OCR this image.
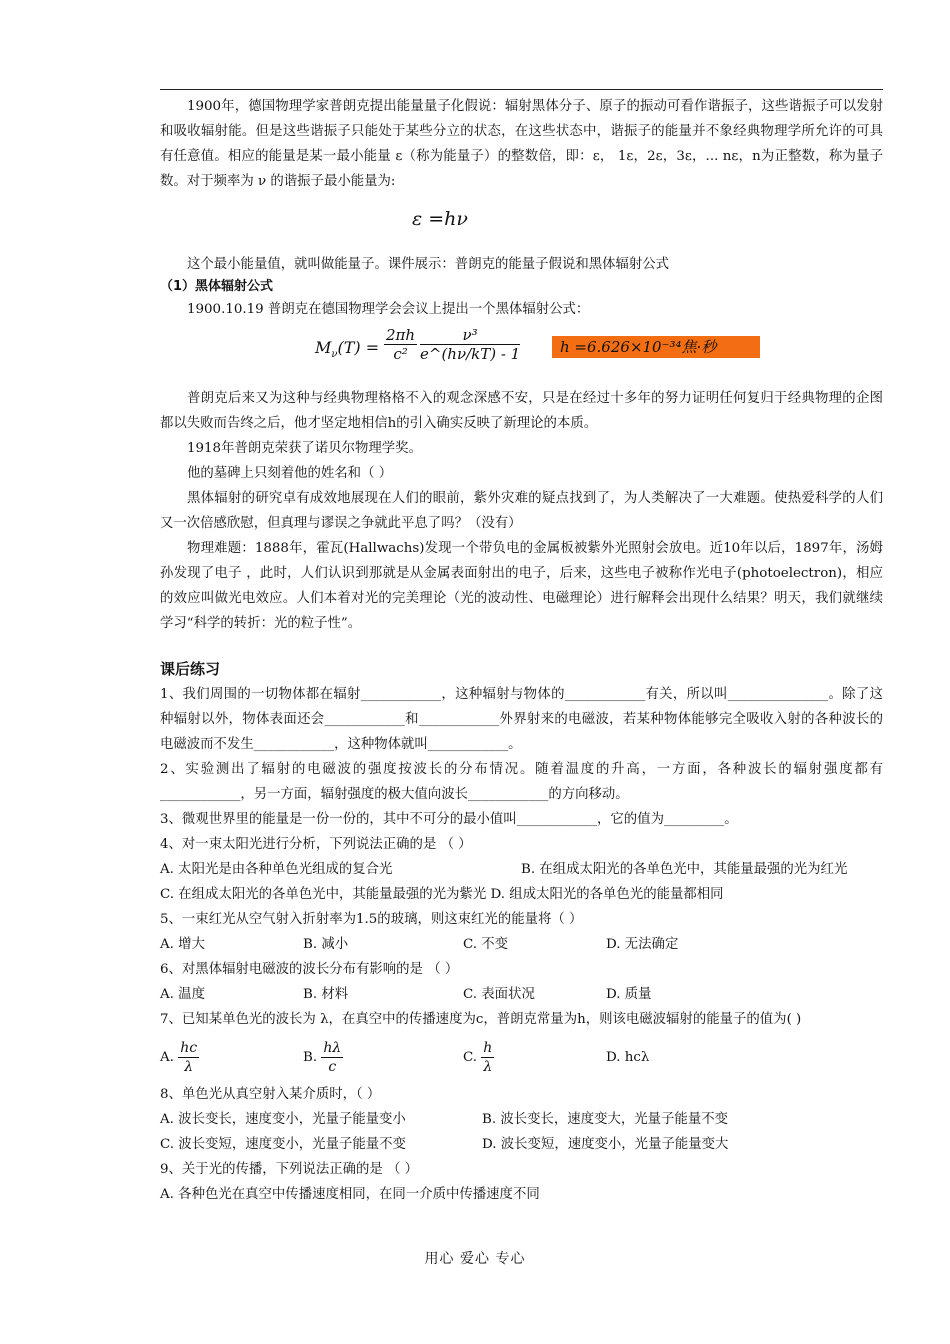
1900年，德国物理学家普朗克提出能量量子化假说：辐射黑体分子、原子的振动可看作谐振子，这些谐振子可以发射和吸收辐射能。但是这些谐振子只能处于某些分立的状态，在这些状态中，谐振子的能量并不象经典物理学所允许的可具有任意值。相应的能量是某一最小能量 ε（称为能量子）的整数倍，即：ε， 1ε，2ε，3ε，... nε，n为正整数，称为量子数。对于频率为 ν 的谐振子最小能量为:

ε =hν

这个最小能量值，就叫做能量子。课件展示：普朗克的能量子假说和黑体辐射公式

（1）黑体辐射公式

1900.10.19 普朗克在德国物理学会会议上提出一个黑体辐射公式：

$M_\nu(T) = \frac{2\pi h}{\text{c²}} \frac{\text{ν³}}{e\^{}(h\nu/kT) - 1}$	h =6.626×10⁻³⁴焦·秒

普朗克后来又为这种与经典物理格格不入的观念深感不安，只是在经过十多年的努力证明任何复归于经典物理的企图都以失败而告终之后，他才坚定地相信h的引入确实反映了新理论的本质。

1918年普朗克荣获了诺贝尔物理学奖。

他的墓碑上只刻着他的姓名和（ ）

黑体辐射的研究卓有成效地展现在人们的眼前，紫外灾难的疑点找到了，为人类解决了一大难题。使热爱科学的人们又一次倍感欣慰，但真理与谬误之争就此平息了吗？（没有）

物理难题：1888年，霍瓦(Hallwachs)发现一个带负电的金属板被紫外光照射会放电。近10年以后，1897年，汤姆孙发现了电子 ，此时，人们认识到那就是从金属表面射出的电子，后来，这些电子被称作光电子(photoelectron)，相应的效应叫做光电效应。人们本着对光的完美理论（光的波动性、电磁理论）进行解释会出现什么结果？明天，我们就继续学习“科学的转折：光的粒子性”。

课后练习

1、我们周围的一切物体都在辐射____________，这种辐射与物体的____________有关，所以叫_______________。除了这种辐射以外，物体表面还会____________和____________外界射来的电磁波，若某种物体能够完全吸收入射的各种波长的电磁波而不发生____________，这种物体就叫____________。

2、实验测出了辐射的电磁波的强度按波长的分布情况。随着温度的升高，一方面，各种波长的辐射强度都有____________，另一方面，辐射强度的极大值向波长____________的方向移动。

3、微观世界里的能量是一份一份的，其中不可分的最小值叫____________，它的值为_________。

4、对一束太阳光进行分析，下列说法正确的是 （ ）

A. 太阳光是由各种单色光组成的复合光	B. 在组成太阳光的各单色光中，其能量最强的光为红光
C. 在组成太阳光的各单色光中，其能量最强的光为紫光
D. 组成太阳光的各单色光的能量都相同

5、一束红光从空气射入折射率为1.5的玻璃，则这束红光的能量将（ ）

A. 增大	B. 减小	C. 不变	D. 无法确定

6、对黑体辐射电磁波的波长分布有影响的是 （ ）

A. 温度	B. 材料	C. 表面状况	D. 质量

7、已知某单色光的波长为 λ，在真空中的传播速度为c，普朗克常量为h，则该电磁波辐射的能量子的值为( )

A. $\frac{hc}{\lambda}$	B. $\frac{h\lambda}{c}$	C. $\frac{h}{\lambda}$	D. hcλ

8、单色光从真空射入某介质时，（ ）

A. 波长变长，速度变小，光量子能量变小	B. 波长变长，速度变大，光量子能量不变
C. 波长变短，速度变小，光量子能量不变	D. 波长变短，速度变小，光量子能量变大

9、关于光的传播，下列说法正确的是 （ ）

A. 各种色光在真空中传播速度相同，在同一介质中传播速度不同

用心 爱心 专心
